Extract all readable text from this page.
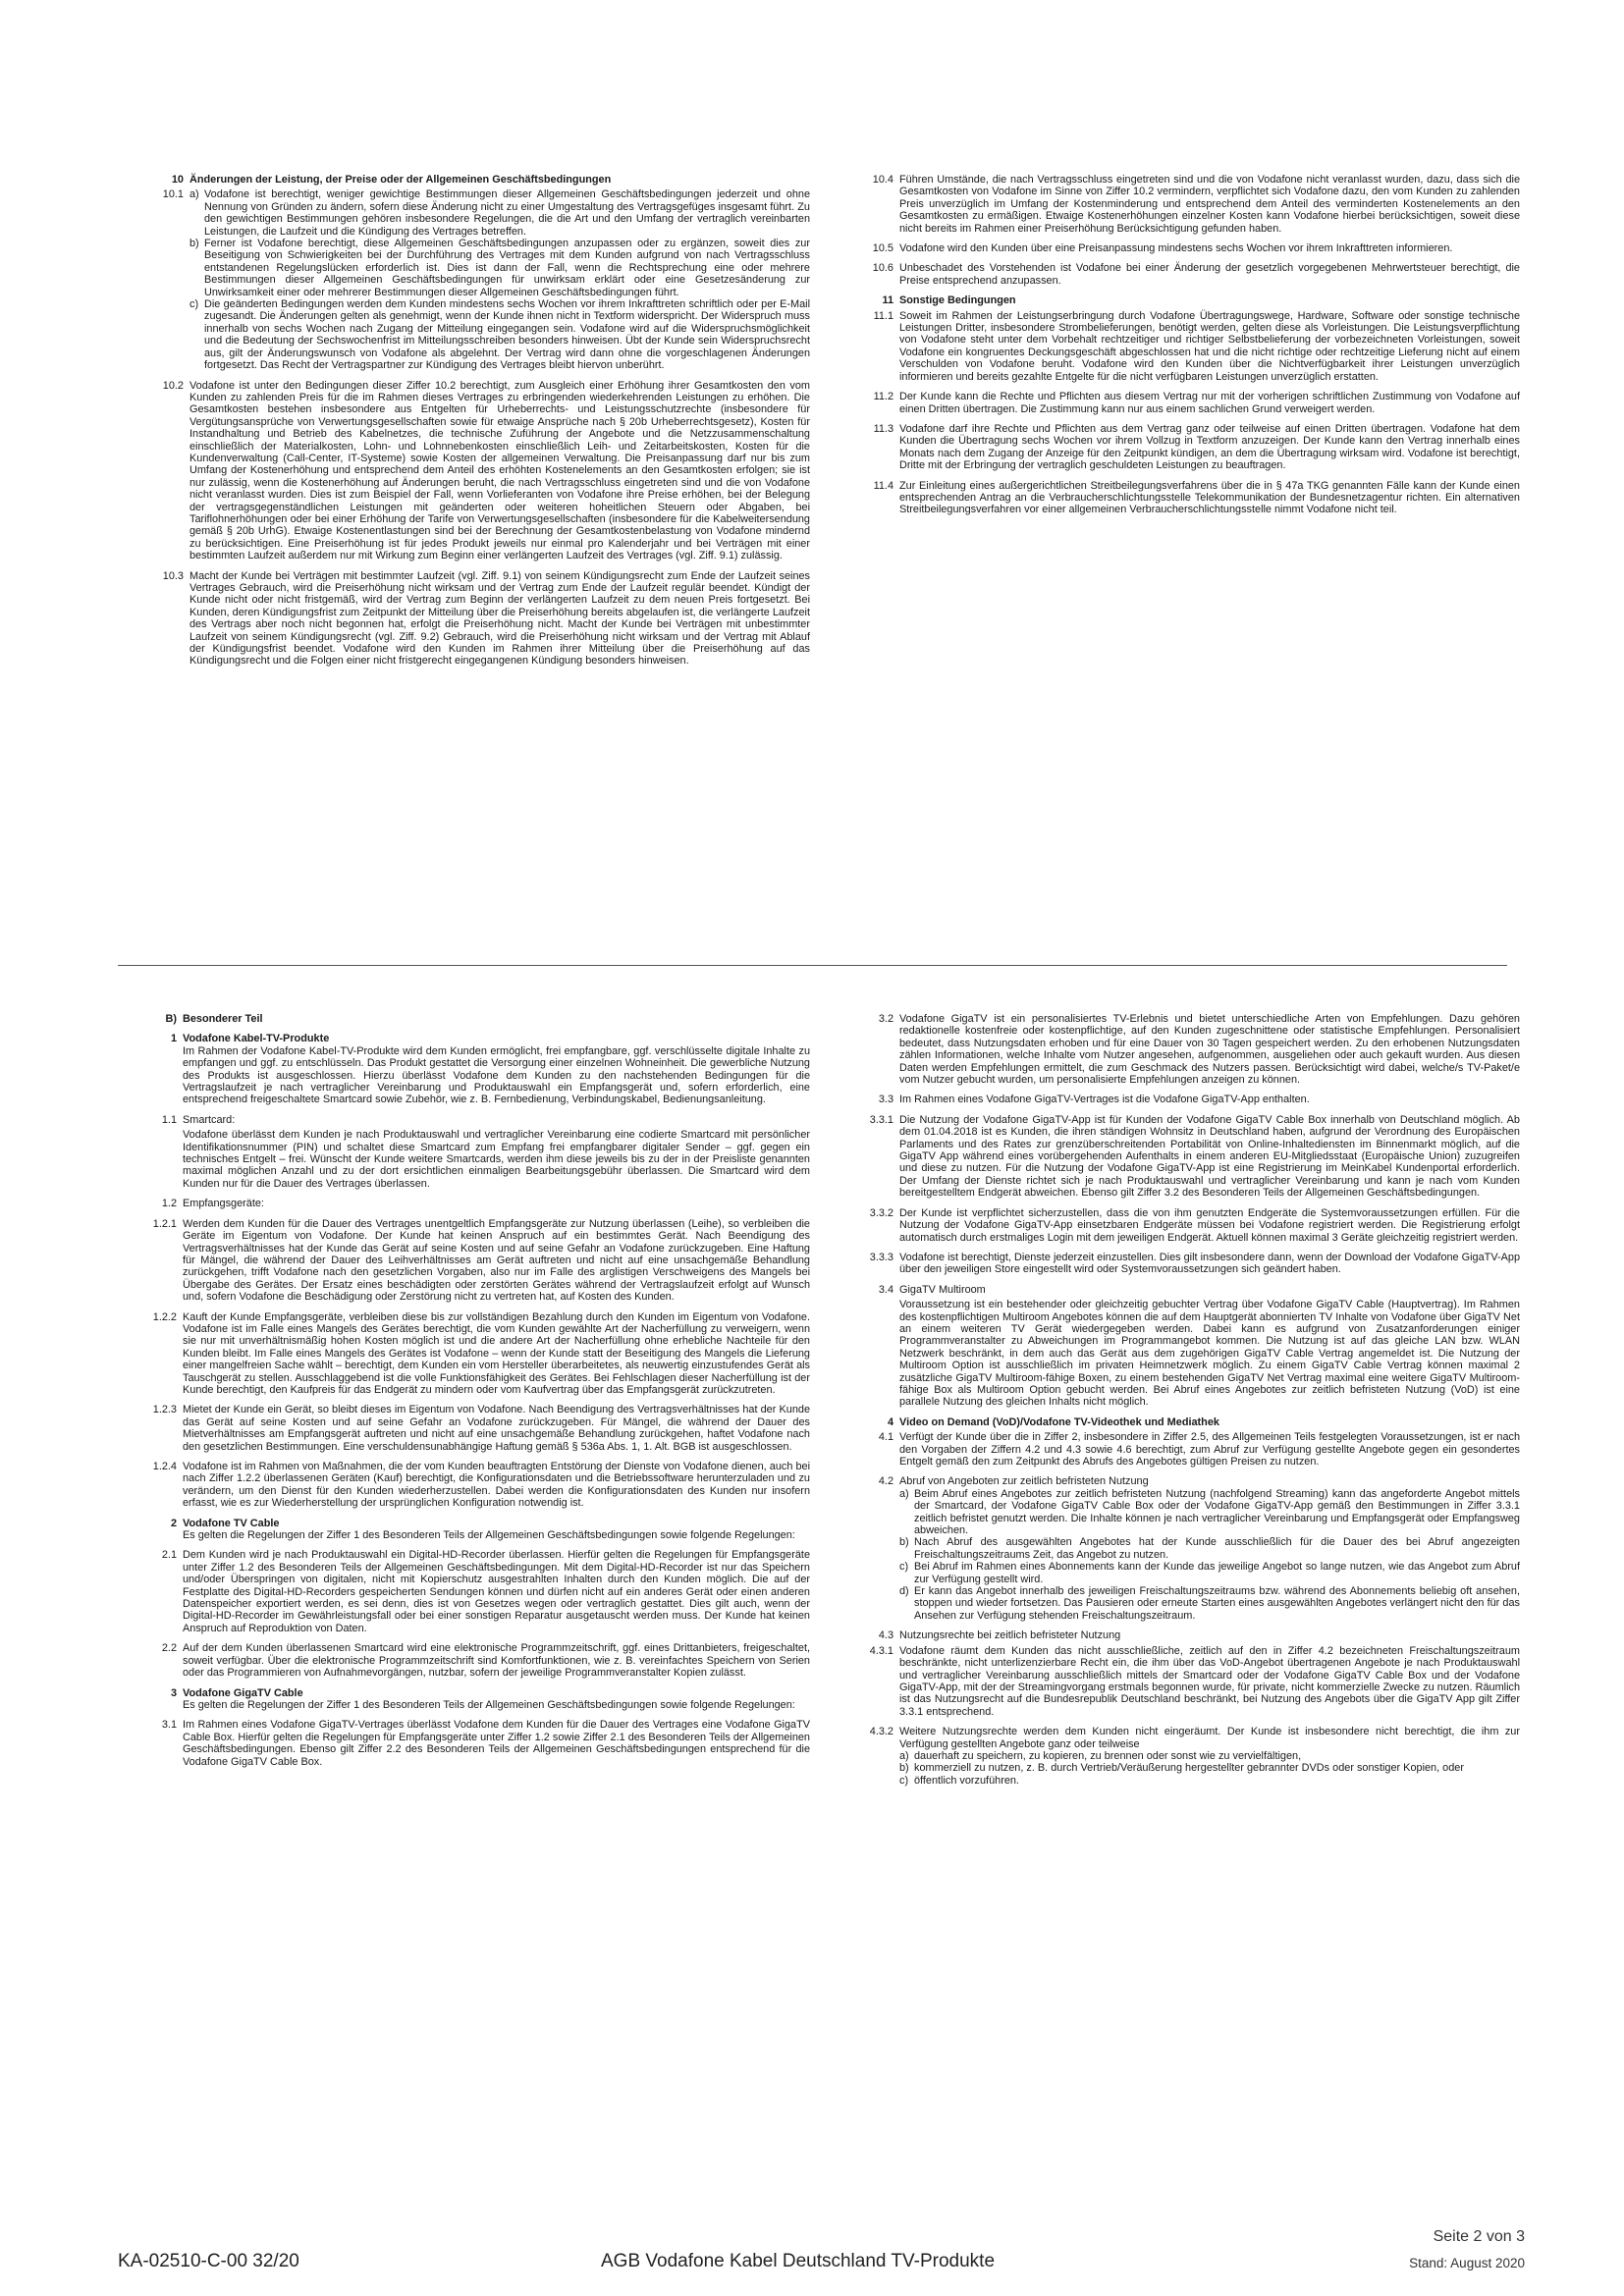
10 Änderungen der Leistung, der Preise oder der Allgemeinen Geschäftsbedingungen
10.1 a) Vodafone ist berechtigt, weniger gewichtige Bestimmungen dieser Allgemeinen Geschäftsbedingungen jederzeit und ohne Nennung von Gründen zu ändern, sofern diese Änderung nicht zu einer Umgestaltung des Vertragsgefüges insgesamt führt. Zu den gewichtigen Bestimmungen gehören insbesondere Regelungen, die die Art und den Umfang der vertraglich vereinbarten Leistungen, die Laufzeit und die Kündigung des Vertrages betreffen.
b) Ferner ist Vodafone berechtigt, diese Allgemeinen Geschäftsbedingungen anzupassen oder zu ergänzen, soweit dies zur Beseitigung von Schwierigkeiten bei der Durchführung des Vertrages mit dem Kunden aufgrund von nach Vertragsschluss entstandenen Regelungslücken erforderlich ist. Dies ist dann der Fall, wenn die Rechtsprechung eine oder mehrere Bestimmungen dieser Allgemeinen Geschäftsbedingungen für unwirksam erklärt oder eine Gesetzesänderung zur Unwirksamkeit einer oder mehrerer Bestimmungen dieser Allgemeinen Geschäftsbedingungen führt.
c) Die geänderten Bedingungen werden dem Kunden mindestens sechs Wochen vor ihrem Inkrafttreten schriftlich oder per E-Mail zugesandt. Die Änderungen gelten als genehmigt, wenn der Kunde ihnen nicht in Textform widerspricht. Der Widerspruch muss innerhalb von sechs Wochen nach Zugang der Mitteilung eingegangen sein. Vodafone wird auf die Widerspruchsmöglichkeit und die Bedeutung der Sechswochenfrist im Mitteilungsschreiben besonders hinweisen. Übt der Kunde sein Widerspruchsrecht aus, gilt der Änderungswunsch von Vodafone als abgelehnt. Der Vertrag wird dann ohne die vorgeschlagenen Änderungen fortgesetzt. Das Recht der Vertragspartner zur Kündigung des Vertrages bleibt hiervon unberührt.
10.2 Vodafone ist unter den Bedingungen dieser Ziffer 10.2 berechtigt, zum Ausgleich einer Erhöhung ihrer Gesamtkosten den vom Kunden zu zahlenden Preis für die im Rahmen dieses Vertrages zu erbringenden wiederkehrenden Leistungen zu erhöhen. Die Gesamtkosten bestehen insbesondere aus Entgelten für Urheberrechts- und Leistungsschutzrechte (insbesondere für Vergütungsansprüche von Verwertungsgesellschaften sowie für etwaige Ansprüche nach § 20b Urheberrechtsgesetz), Kosten für Instandhaltung und Betrieb des Kabelnetzes, die technische Zuführung der Angebote und die Netzzusammenschaltung einschließlich der Materialkosten, Lohn- und Lohnnebenkosten einschließlich Leih- und Zeitarbeitskosten, Kosten für die Kundenverwaltung (Call-Center, IT-Systeme) sowie Kosten der allgemeinen Verwaltung. Die Preisanpassung darf nur bis zum Umfang der Kostenerhöhung und entsprechend dem Anteil des erhöhten Kostenelements an den Gesamtkosten erfolgen; sie ist nur zulässig, wenn die Kostenerhöhung auf Änderungen beruht, die nach Vertragsschluss eingetreten sind und die von Vodafone nicht veranlasst wurden. Dies ist zum Beispiel der Fall, wenn Vorlieferanten von Vodafone ihre Preise erhöhen, bei der Belegung der vertragsgegenständlichen Leistungen mit geänderten oder weiteren hoheitlichen Steuern oder Abgaben, bei Tariflohnerhöhungen oder bei einer Erhöhung der Tarife von Verwertungsgesellschaften (insbesondere für die Kabelweitersendung gemäß § 20b UrhG). Etwaige Kostenentlastungen sind bei der Berechnung der Gesamtkostenbelastung von Vodafone mindernd zu berücksichtigen. Eine Preiserhöhung ist für jedes Produkt jeweils nur einmal pro Kalenderjahr und bei Verträgen mit einer bestimmten Laufzeit außerdem nur mit Wirkung zum Beginn einer verlängerten Laufzeit des Vertrages (vgl. Ziff. 9.1) zulässig.
10.3 Macht der Kunde bei Verträgen mit bestimmter Laufzeit (vgl. Ziff. 9.1) von seinem Kündigungsrecht zum Ende der Laufzeit seines Vertrages Gebrauch, wird die Preiserhöhung nicht wirksam und der Vertrag zum Ende der Laufzeit regulär beendet. Kündigt der Kunde nicht oder nicht fristgemäß, wird der Vertrag zum Beginn der verlängerten Laufzeit zu dem neuen Preis fortgesetzt. Bei Kunden, deren Kündigungsfrist zum Zeitpunkt der Mitteilung über die Preiserhöhung bereits abgelaufen ist, die verlängerte Laufzeit des Vertrags aber noch nicht begonnen hat, erfolgt die Preiserhöhung nicht. Macht der Kunde bei Verträgen mit unbestimmter Laufzeit von seinem Kündigungsrecht (vgl. Ziff. 9.2) Gebrauch, wird die Preiserhöhung nicht wirksam und der Vertrag mit Ablauf der Kündigungsfrist beendet. Vodafone wird den Kunden im Rahmen ihrer Mitteilung über die Preiserhöhung auf das Kündigungsrecht und die Folgen einer nicht fristgerecht eingegangenen Kündigung besonders hinweisen.
10.4 Führen Umstände, die nach Vertragsschluss eingetreten sind und die von Vodafone nicht veranlasst wurden, dazu, dass sich die Gesamtkosten von Vodafone im Sinne von Ziffer 10.2 vermindern, verpflichtet sich Vodafone dazu, den vom Kunden zu zahlenden Preis unverzüglich im Umfang der Kostenminderung und entsprechend dem Anteil des verminderten Kostenelements an den Gesamtkosten zu ermäßigen. Etwaige Kostenerhöhungen einzelner Kosten kann Vodafone hierbei berücksichtigen, soweit diese nicht bereits im Rahmen einer Preiserhöhung Berücksichtigung gefunden haben.
10.5 Vodafone wird den Kunden über eine Preisanpassung mindestens sechs Wochen vor ihrem Inkrafttreten informieren.
10.6 Unbeschadet des Vorstehenden ist Vodafone bei einer Änderung der gesetzlich vorgegebenen Mehrwertsteuer berechtigt, die Preise entsprechend anzupassen.
11 Sonstige Bedingungen
11.1 Soweit im Rahmen der Leistungserbringung durch Vodafone Übertragungswege, Hardware, Software oder sonstige technische Leistungen Dritter, insbesondere Strombelieferungen, benötigt werden, gelten diese als Vorleistungen. Die Leistungsverpflichtung von Vodafone steht unter dem Vorbehalt rechtzeitiger und richtiger Selbstbelieferung der vorbezeichneten Vorleistungen, soweit Vodafone ein kongruentes Deckungsgeschäft abgeschlossen hat und die nicht richtige oder rechtzeitige Lieferung nicht auf einem Verschulden von Vodafone beruht. Vodafone wird den Kunden über die Nichtverfügbarkeit ihrer Leistungen unverzüglich informieren und bereits gezahlte Entgelte für die nicht verfügbaren Leistungen unverzüglich erstatten.
11.2 Der Kunde kann die Rechte und Pflichten aus diesem Vertrag nur mit der vorherigen schriftlichen Zustimmung von Vodafone auf einen Dritten übertragen. Die Zustimmung kann nur aus einem sachlichen Grund verweigert werden.
11.3 Vodafone darf ihre Rechte und Pflichten aus dem Vertrag ganz oder teilweise auf einen Dritten übertragen. Vodafone hat dem Kunden die Übertragung sechs Wochen vor ihrem Vollzug in Textform anzuzeigen. Der Kunde kann den Vertrag innerhalb eines Monats nach dem Zugang der Anzeige für den Zeitpunkt kündigen, an dem die Übertragung wirksam wird. Vodafone ist berechtigt, Dritte mit der Erbringung der vertraglich geschuldeten Leistungen zu beauftragen.
11.4 Zur Einleitung eines außergerichtlichen Streitbeilegungsverfahrens über die in § 47a TKG genannten Fälle kann der Kunde einen entsprechenden Antrag an die Verbraucherschlichtungsstelle Telekommunikation der Bundesnetzagentur richten. Ein alternativen Streitbeilegungsverfahren vor einer allgemeinen Verbraucherschlichtungsstelle nimmt Vodafone nicht teil.
B) Besonderer Teil
1 Vodafone Kabel-TV-Produkte
Im Rahmen der Vodafone Kabel-TV-Produkte wird dem Kunden ermöglicht, frei empfangbare, ggf. verschlüsselte digitale Inhalte zu empfangen und ggf. zu entschlüsseln. Das Produkt gestattet die Versorgung einer einzelnen Wohneinheit. Die gewerbliche Nutzung des Produkts ist ausgeschlossen. Hierzu überlässt Vodafone dem Kunden zu den nachstehenden Bedingungen für die Vertragslaufzeit je nach vertraglicher Vereinbarung und Produktauswahl ein Empfangsgerät und, sofern erforderlich, eine entsprechend freigeschaltete Smartcard sowie Zubehör, wie z. B. Fernbedienung, Verbindungskabel, Bedienungsanleitung.
1.1 Smartcard:
Vodafone überlässt dem Kunden je nach Produktauswahl und vertraglicher Vereinbarung eine codierte Smartcard mit persönlicher Identifikationsnummer (PIN) und schaltet diese Smartcard zum Empfang frei empfangbarer digitaler Sender – ggf. gegen ein technisches Entgelt – frei. Wünscht der Kunde weitere Smartcards, werden ihm diese jeweils bis zu der in der Preisliste genannten maximal möglichen Anzahl und zu der dort ersichtlichen einmaligen Bearbeitungsgebühr überlassen. Die Smartcard wird dem Kunden nur für die Dauer des Vertrages überlassen.
1.2 Empfangsgeräte:
1.2.1 Werden dem Kunden für die Dauer des Vertrages unentgeltlich Empfangsgeräte zur Nutzung überlassen (Leihe), so verbleiben die Geräte im Eigentum von Vodafone. Der Kunde hat keinen Anspruch auf ein bestimmtes Gerät. Nach Beendigung des Vertragsverhältnisses hat der Kunde das Gerät auf seine Kosten und auf seine Gefahr an Vodafone zurückzugeben. Eine Haftung für Mängel, die während der Dauer des Leihverhältnisses am Gerät auftreten und nicht auf eine unsachgemäße Behandlung zurückgehen, trifft Vodafone nach den gesetzlichen Vorgaben, also nur im Falle des arglistigen Verschweigens des Mangels bei Übergabe des Gerätes. Der Ersatz eines beschädigten oder zerstörten Gerätes während der Vertragslaufzeit erfolgt auf Wunsch und, sofern Vodafone die Beschädigung oder Zerstörung nicht zu vertreten hat, auf Kosten des Kunden.
1.2.2 Kauft der Kunde Empfangsgeräte, verbleiben diese bis zur vollständigen Bezahlung durch den Kunden im Eigentum von Vodafone. Vodafone ist im Falle eines Mangels des Gerätes berechtigt, die vom Kunden gewählte Art der Nacherfüllung zu verweigern, wenn sie nur mit unverhältnismäßig hohen Kosten möglich ist und die andere Art der Nacherfüllung ohne erhebliche Nachteile für den Kunden bleibt. Im Falle eines Mangels des Gerätes ist Vodafone – wenn der Kunde statt der Beseitigung des Mangels die Lieferung einer mangelfreien Sache wählt – berechtigt, dem Kunden ein vom Hersteller überarbeitetes, als neuwertig einzustufendes Gerät als Tauschgerät zu stellen. Ausschlaggebend ist die volle Funktionsfähigkeit des Gerätes. Bei Fehlschlagen dieser Nacherfüllung ist der Kunde berechtigt, den Kaufpreis für das Endgerät zu mindern oder vom Kaufvertrag über das Empfangsgerät zurückzutreten.
1.2.3 Mietet der Kunde ein Gerät, so bleibt dieses im Eigentum von Vodafone. Nach Beendigung des Vertragsverhältnisses hat der Kunde das Gerät auf seine Kosten und auf seine Gefahr an Vodafone zurückzugeben. Für Mängel, die während der Dauer des Mietverhältnisses am Empfangsgerät auftreten und nicht auf eine unsachgemäße Behandlung zurückgehen, haftet Vodafone nach den gesetzlichen Bestimmungen. Eine verschuldensunabhängige Haftung gemäß § 536a Abs. 1, 1. Alt. BGB ist ausgeschlossen.
1.2.4 Vodafone ist im Rahmen von Maßnahmen, die der vom Kunden beauftragten Entstörung der Dienste von Vodafone dienen, auch bei nach Ziffer 1.2.2 überlassenen Geräten (Kauf) berechtigt, die Konfigurationsdaten und die Betriebssoftware herunterzuladen und zu verändern, um den Dienst für den Kunden wiederherzustellen. Dabei werden die Konfigurationsdaten des Kunden nur insofern erfasst, wie es zur Wiederherstellung der ursprünglichen Konfiguration notwendig ist.
2 Vodafone TV Cable
Es gelten die Regelungen der Ziffer 1 des Besonderen Teils der Allgemeinen Geschäftsbedingungen sowie folgende Regelungen:
2.1 Dem Kunden wird je nach Produktauswahl ein Digital-HD-Recorder überlassen. Hierfür gelten die Regelungen für Empfangsgeräte unter Ziffer 1.2 des Besonderen Teils der Allgemeinen Geschäftsbedingungen. Mit dem Digital-HD-Recorder ist nur das Speichern und/oder Überspringen von digitalen, nicht mit Kopierschutz ausgestrahlten Inhalten durch den Kunden möglich. Die auf der Festplatte des Digital-HD-Recorders gespeicherten Sendungen können und dürfen nicht auf ein anderes Gerät oder einen anderen Datenspeicher exportiert werden, es sei denn, dies ist von Gesetzes wegen oder vertraglich gestattet. Dies gilt auch, wenn der Digital-HD-Recorder im Gewährleistungsfall oder bei einer sonstigen Reparatur ausgetauscht werden muss. Der Kunde hat keinen Anspruch auf Reproduktion von Daten.
2.2 Auf der dem Kunden überlassenen Smartcard wird eine elektronische Programmzeitschrift, ggf. eines Drittanbieters, freigeschaltet, soweit verfügbar. Über die elektronische Programmzeitschrift sind Komfortfunktionen, wie z. B. vereinfachtes Speichern von Serien oder das Programmieren von Aufnahmevorgängen, nutzbar, sofern der jeweilige Programmveranstalter Kopien zulässt.
3 Vodafone GigaTV Cable
Es gelten die Regelungen der Ziffer 1 des Besonderen Teils der Allgemeinen Geschäftsbedingungen sowie folgende Regelungen:
3.1 Im Rahmen eines Vodafone GigaTV-Vertrages überlässt Vodafone dem Kunden für die Dauer des Vertrages eine Vodafone GigaTV Cable Box. Hierfür gelten die Regelungen für Empfangsgeräte unter Ziffer 1.2 sowie Ziffer 2.1 des Besonderen Teils der Allgemeinen Geschäftsbedingungen. Ebenso gilt Ziffer 2.2 des Besonderen Teils der Allgemeinen Geschäftsbedingungen entsprechend für die Vodafone GigaTV Cable Box.
3.2 Vodafone GigaTV ist ein personalisiertes TV-Erlebnis und bietet unterschiedliche Arten von Empfehlungen. Dazu gehören redaktionelle kostenfreie oder kostenpflichtige, auf den Kunden zugeschnittene oder statistische Empfehlungen. Personalisiert bedeutet, dass Nutzungsdaten erhoben und für eine Dauer von 30 Tagen gespeichert werden. Zu den erhobenen Nutzungsdaten zählen Informationen, welche Inhalte vom Nutzer angesehen, aufgenommen, ausgeliehen oder auch gekauft wurden. Aus diesen Daten werden Empfehlungen ermittelt, die zum Geschmack des Nutzers passen. Berücksichtigt wird dabei, welche/s TV-Paket/e vom Nutzer gebucht wurden, um personalisierte Empfehlungen anzeigen zu können.
3.3 Im Rahmen eines Vodafone GigaTV-Vertrages ist die Vodafone GigaTV-App enthalten.
3.3.1 Die Nutzung der Vodafone GigaTV-App ist für Kunden der Vodafone GigaTV Cable Box innerhalb von Deutschland möglich. Ab dem 01.04.2018 ist es Kunden, die ihren ständigen Wohnsitz in Deutschland haben, aufgrund der Verordnung des Europäischen Parlaments und des Rates zur grenzüberschreitenden Portabilität von Online-Inhaltediensten im Binnenmarkt möglich, auf die GigaTV App während eines vorübergehenden Aufenthalts in einem anderen EU-Mitgliedsstaat (Europäische Union) zuzugreifen und diese zu nutzen. Für die Nutzung der Vodafone GigaTV-App ist eine Registrierung im MeinKabel Kundenportal erforderlich. Der Umfang der Dienste richtet sich je nach Produktauswahl und vertraglicher Vereinbarung und kann je nach vom Kunden bereitgestelltem Endgerät abweichen. Ebenso gilt Ziffer 3.2 des Besonderen Teils der Allgemeinen Geschäftsbedingungen.
3.3.2 Der Kunde ist verpflichtet sicherzustellen, dass die von ihm genutzten Endgeräte die Systemvoraussetzungen erfüllen. Für die Nutzung der Vodafone GigaTV-App einsetzbaren Endgeräte müssen bei Vodafone registriert werden. Die Registrierung erfolgt automatisch durch erstmaliges Login mit dem jeweiligen Endgerät. Aktuell können maximal 3 Geräte gleichzeitig registriert werden.
3.3.3 Vodafone ist berechtigt, Dienste jederzeit einzustellen. Dies gilt insbesondere dann, wenn der Download der Vodafone GigaTV-App über den jeweiligen Store eingestellt wird oder Systemvoraussetzungen sich geändert haben.
3.4 GigaTV Multiroom
Voraussetzung ist ein bestehender oder gleichzeitig gebuchter Vertrag über Vodafone GigaTV Cable (Hauptvertrag). Im Rahmen des kostenpflichtigen Multiroom Angebotes können die auf dem Hauptgerät abonnierten TV Inhalte von Vodafone über GigaTV Net an einem weiteren TV Gerät wiedergegeben werden. Dabei kann es aufgrund von Zusatzanforderungen einiger Programmveranstalter zu Abweichungen im Programmangebot kommen. Die Nutzung ist auf das gleiche LAN bzw. WLAN Netzwerk beschränkt, in dem auch das Gerät aus dem zugehörigen GigaTV Cable Vertrag angemeldet ist. Die Nutzung der Multiroom Option ist ausschließlich im privaten Heimnetzwerk möglich. Zu einem GigaTV Cable Vertrag können maximal 2 zusätzliche GigaTV Multiroom-fähige Boxen, zu einem bestehenden GigaTV Net Vertrag maximal eine weitere GigaTV Multiroom-fähige Box als Multiroom Option gebucht werden. Bei Abruf eines Angebotes zur zeitlich befristeten Nutzung (VoD) ist eine parallele Nutzung des gleichen Inhalts nicht möglich.
4 Video on Demand (VoD)/Vodafone TV-Videothek und Mediathek
4.1 Verfügt der Kunde über die in Ziffer 2, insbesondere in Ziffer 2.5, des Allgemeinen Teils festgelegten Voraussetzungen, ist er nach den Vorgaben der Ziffern 4.2 und 4.3 sowie 4.6 berechtigt, zum Abruf zur Verfügung gestellte Angebote gegen ein gesondertes Entgelt gemäß den zum Zeitpunkt des Abrufs des Angebotes gültigen Preisen zu nutzen.
4.2 Abruf von Angeboten zur zeitlich befristeten Nutzung

a) Beim Abruf eines Angebotes zur zeitlich befristeten Nutzung (nachfolgend Streaming) kann das angeforderte Angebot mittels der Smartcard, der Vodafone GigaTV Cable Box oder der Vodafone GigaTV-App gemäß den Bestimmungen in Ziffer 3.3.1 zeitlich befristet genutzt werden. Die Inhalte können je nach vertraglicher Vereinbarung und Empfangsgerät oder Empfangsweg abweichen.
b) Nach Abruf des ausgewählten Angebotes hat der Kunde ausschließlich für die Dauer des bei Abruf angezeigten Freischaltungszeitraums Zeit, das Angebot zu nutzen.
c) Bei Abruf im Rahmen eines Abonnements kann der Kunde das jeweilige Angebot so lange nutzen, wie das Angebot zum Abruf zur Verfügung gestellt wird.
d) Er kann das Angebot innerhalb des jeweiligen Freischaltungszeitraums bzw. während des Abonnements beliebig oft ansehen, stoppen und wieder fortsetzen. Das Pausieren oder erneute Starten eines ausgewählten Angebotes verlängert nicht den für das Ansehen zur Verfügung stehenden Freischaltungszeitraum.
4.3 Nutzungsrechte bei zeitlich befristeter Nutzung
4.3.1 Vodafone räumt dem Kunden das nicht ausschließliche, zeitlich auf den in Ziffer 4.2 bezeichneten Freischaltungszeitraum beschränkte, nicht unterlizenzierbare Recht ein, die ihm über das VoD-Angebot übertragenen Angebote je nach Produktauswahl und vertraglicher Vereinbarung ausschließlich mittels der Smartcard oder der Vodafone GigaTV Cable Box und der Vodafone GigaTV-App, mit der der Streamingvorgang erstmals begonnen wurde, für private, nicht kommerzielle Zwecke zu nutzen. Räumlich ist das Nutzungsrecht auf die Bundesrepublik Deutschland beschränkt, bei Nutzung des Angebots über die GigaTV App gilt Ziffer 3.3.1 entsprechend.
4.3.2 Weitere Nutzungsrechte werden dem Kunden nicht eingeräumt. Der Kunde ist insbesondere nicht berechtigt, die ihm zur Verfügung gestellten Angebote ganz oder teilweise

a) dauerhaft zu speichern, zu kopieren, zu brennen oder sonst wie zu vervielfältigen,
b) kommerziell zu nutzen, z. B. durch Vertrieb/Veräußerung hergestellter gebrannter DVDs oder sonstiger Kopien, oder
c) öffentlich vorzuführen.
Seite 2 von 3
KA-02510-C-00 32/20	AGB Vodafone Kabel Deutschland TV-Produkte	Stand: August 2020
